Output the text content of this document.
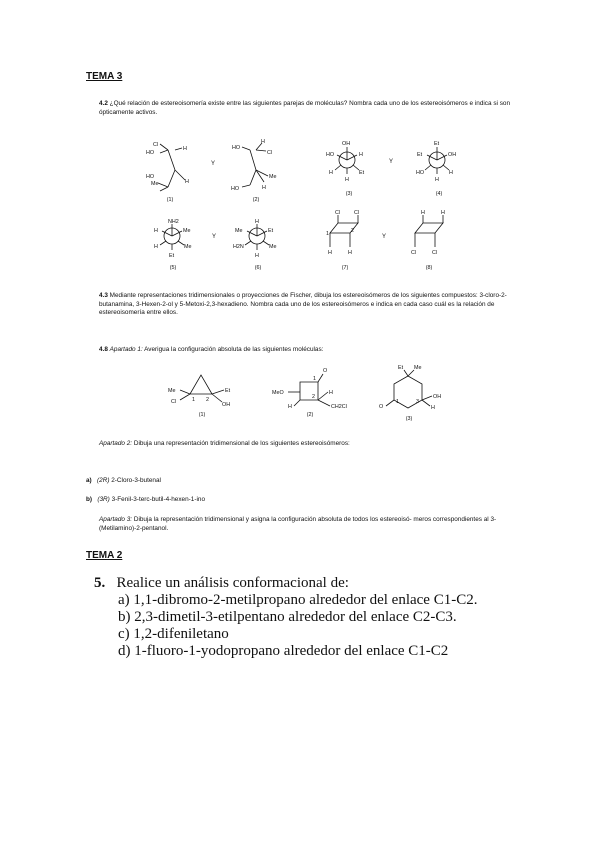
TEMA 3
4.2 ¿Qué relación de estereoisomería existe entre las siguientes parejas de moléculas? Nombra cada uno de los estereoisómeros e indica si son ópticamente activos.
Cl
HO
H
HO
Me	H
(1)
Y
HO
H
Cl
HO
Me
H
(2)
OH
HO	H
H	Et
H
(3)
Y
Et
Et	OH
HO	H
H
(4)
NH2
H	Me
H	Me
Et
(5)
Y
H
Me	Et
H2N	Me
H
(6)
Cl	Cl
1	2
H	H
(7)
Y
H	H
Cl	Cl
(8)
4.3 Mediante representaciones tridimensionales o proyecciones de Fischer, dibuja los estereoisómeros de los siguientes compuestos: 3-cloro-2-butanamina, 3-Hexen-2-ol y 5-Metoxi-2,3-hexadieno. Nombra cada uno de los estereoisómeros e indica en cada caso cuál es la relación de estereoisomería entre ellos.
4.8 Apartado 1: Averigua la configuración absoluta de las siguientes moléculas:
Me
Cl
Et
OH
1 2
(1)
O
MeO
H
H
CH2Cl
1
2
(2)
Et Me
O
OH
H
1	3
(3)
Apartado 2: Dibuja una representación tridimensional de los siguientes estereoisómeros:
a) (2R) 2-Cloro-3-butenal
b) (3R) 3-Fenil-3-terc-butil-4-hexen-1-ino
Apartado 3: Dibuja la representación tridimensional y asigna la configuración absoluta de todos los estereoisó- meros correspondientes al 3-(Metilamino)-2-pentanol.
TEMA 2
5. Realice un análisis conformacional de:
a) 1,1-dibromo-2-metilpropano alrededor del enlace C1-C2.
b) 2,3-dimetil-3-etilpentano alrededor del enlace C2-C3.
c) 1,2-difeniletano
d) 1-fluoro-1-yodopropano alrededor del enlace C1-C2
